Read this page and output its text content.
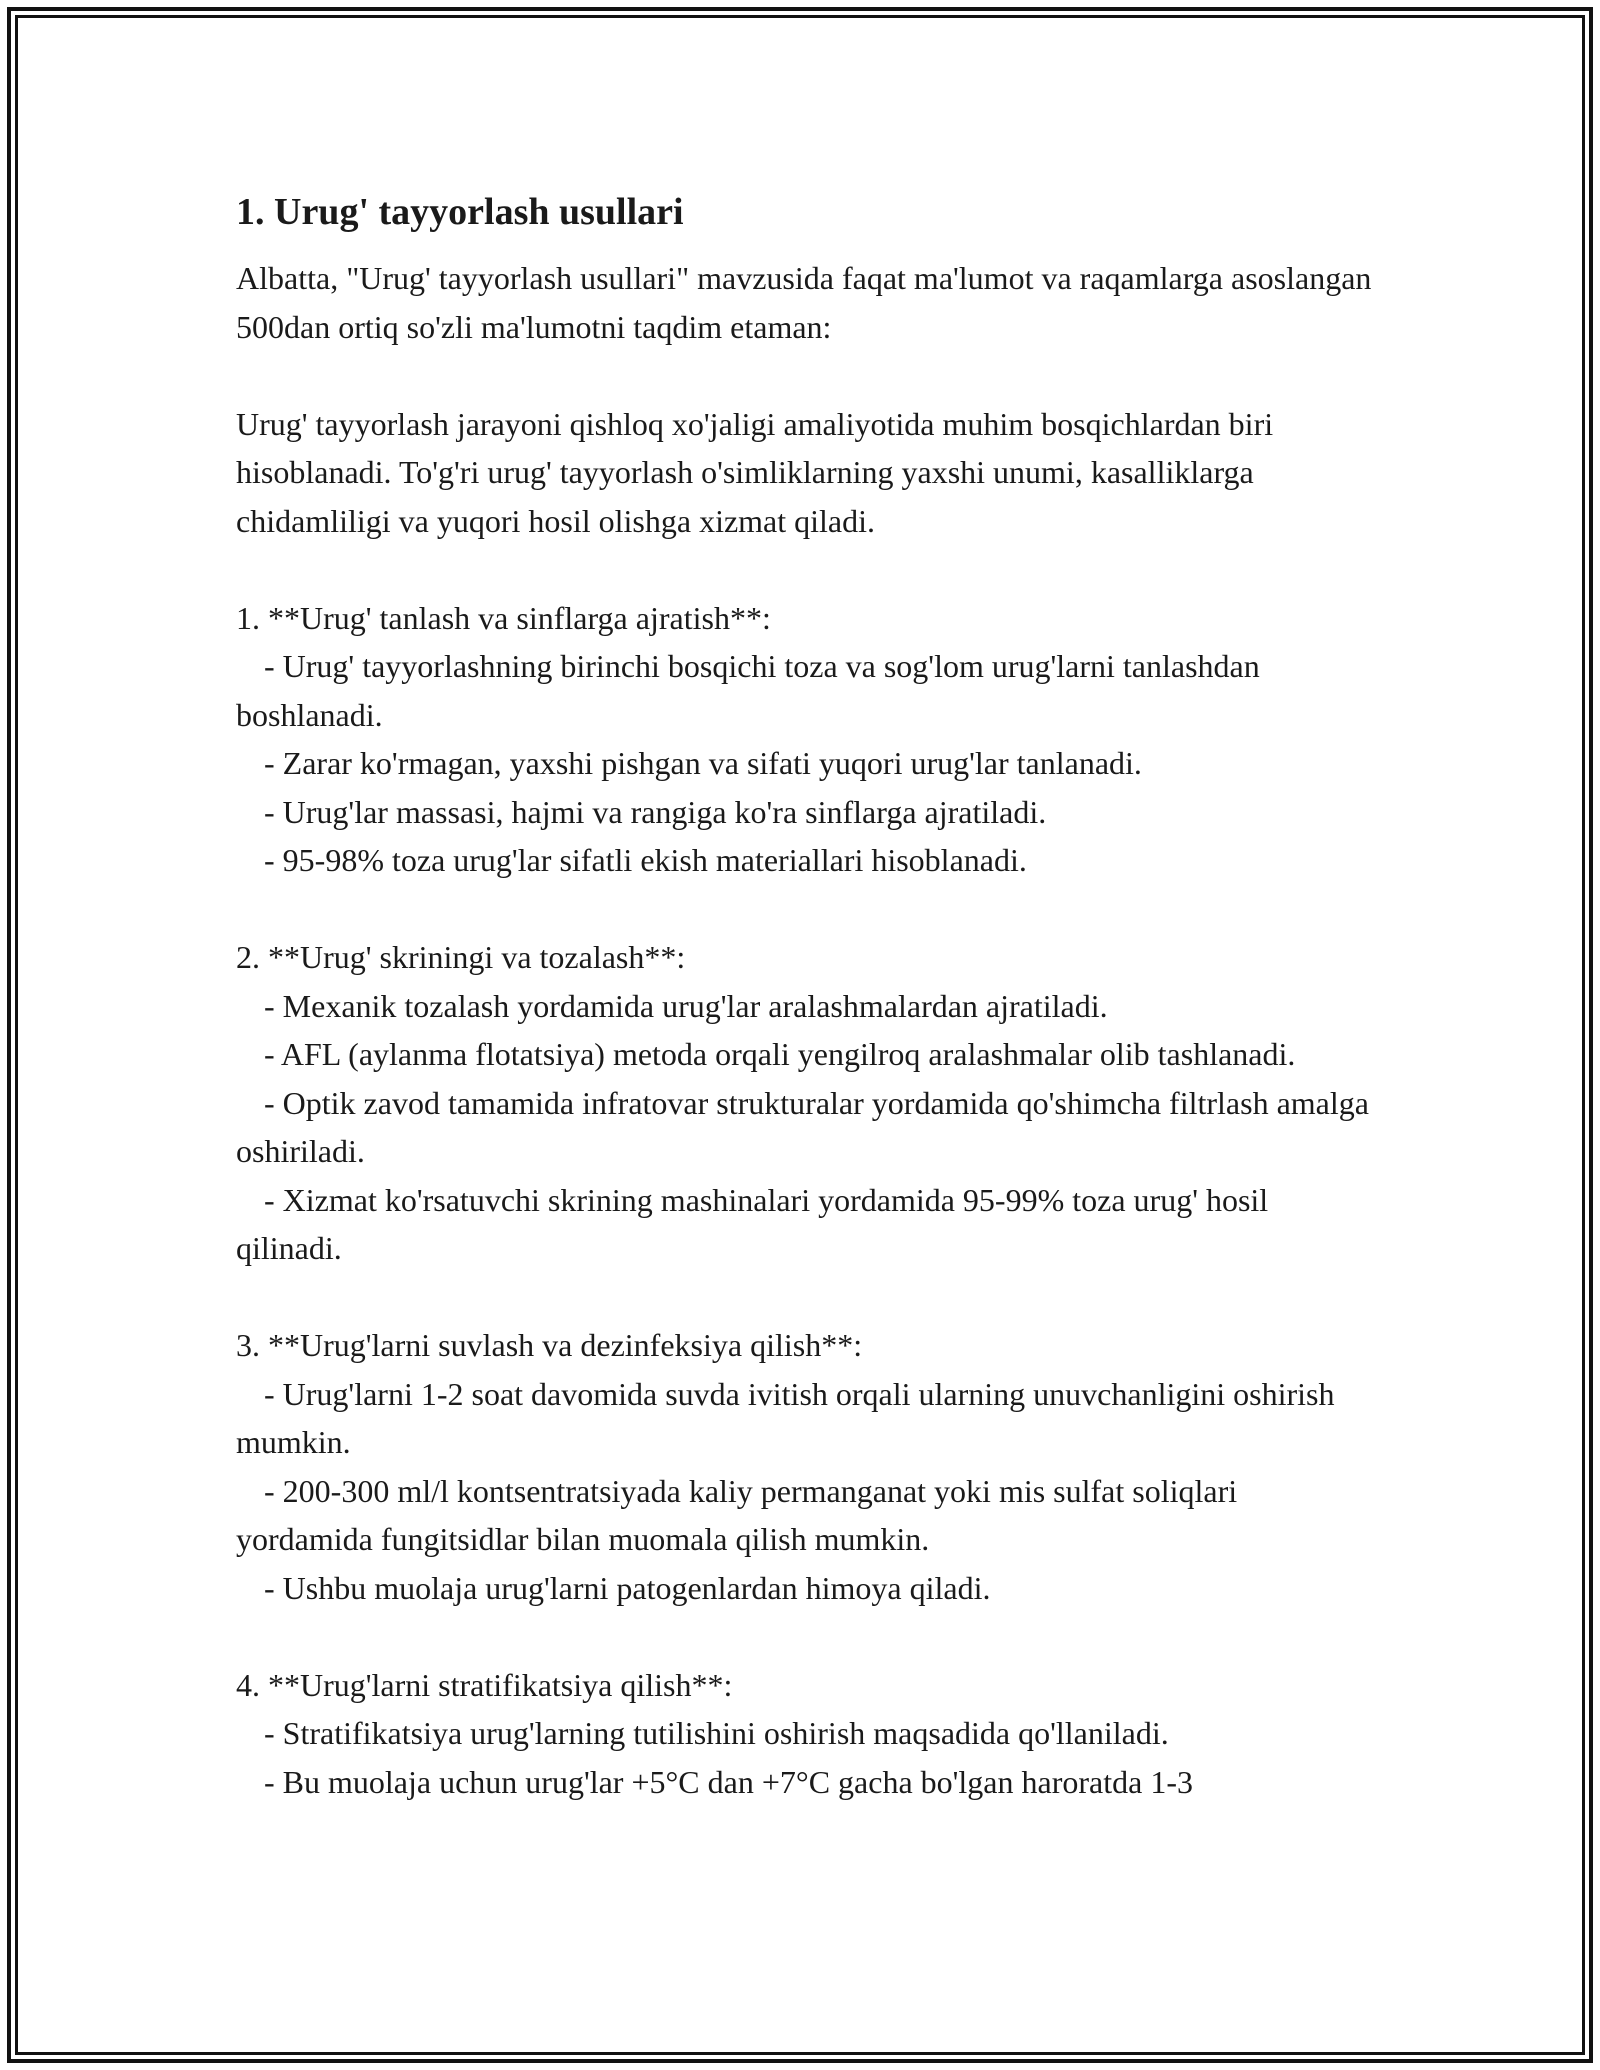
1. Urug' tayyorlash usullari

Albatta, "Urug' tayyorlash usullari" mavzusida faqat ma'lumot va raqamlarga asoslangan 500dan ortiq so'zli ma'lumotni taqdim etaman:

Urug' tayyorlash jarayoni qishloq xo'jaligi amaliyotida muhim bosqichlardan biri hisoblanadi. To'g'ri urug' tayyorlash o'simliklarning yaxshi unumi, kasalliklarga chidamliligi va yuqori hosil olishga xizmat qiladi.

1. **Urug' tanlash va sinflarga ajratish**:

- Urug' tayyorlashning birinchi bosqichi toza va sog'lom urug'larni tanlashdan boshlanadi.

- Zarar ko'rmagan, yaxshi pishgan va sifati yuqori urug'lar tanlanadi.

- Urug'lar massasi, hajmi va rangiga ko'ra sinflarga ajratiladi.

- 95-98% toza urug'lar sifatli ekish materiallari hisoblanadi.

2. **Urug' skriningi va tozalash**:

- Mexanik tozalash yordamida urug'lar aralashmalardan ajratiladi.

- AFL (aylanma flotatsiya) metoda orqali yengilroq aralashmalar olib tashlanadi.

- Optik zavod tamamida infratovar strukturalar yordamida qo'shimcha filtrlash amalga oshiriladi.

- Xizmat ko'rsatuvchi skrining mashinalari yordamida 95-99% toza urug' hosil qilinadi.

3. **Urug'larni suvlash va dezinfeksiya qilish**:

- Urug'larni 1-2 soat davomida suvda ivitish orqali ularning unuvchanligini oshirish mumkin.

- 200-300 ml/l kontsentratsiyada kaliy permanganat yoki mis sulfat soliqlari yordamida fungitsidlar bilan muomala qilish mumkin.

- Ushbu muolaja urug'larni patogenlardan himoya qiladi.

4. **Urug'larni stratifikatsiya qilish**:

- Stratifikatsiya urug'larning tutilishini oshirish maqsadida qo'llaniladi.

- Bu muolaja uchun urug'lar +5°C dan +7°C gacha bo'lgan haroratda 1-3
